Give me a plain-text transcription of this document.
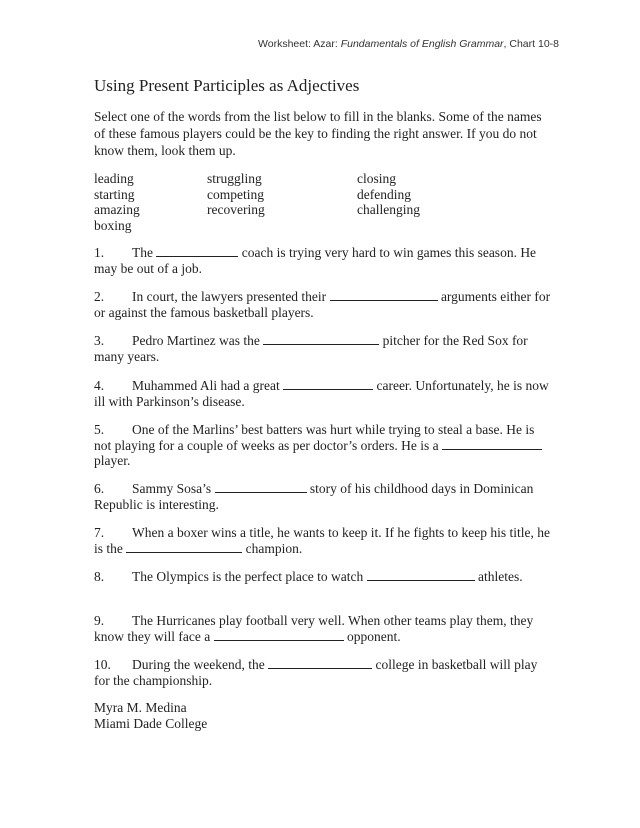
Worksheet: Azar: Fundamentals of English Grammar, Chart 10-8
Using Present Participles as Adjectives
Select one of the words from the list below to fill in the blanks. Some of the names of these famous players could be the key to finding the right answer. If you do not know them, look them up.
leading	struggling	closing
starting	competing	defending
amazing	recovering	challenging
boxing
1. The	coach is trying very hard to win games this season. He may be out of a job.
2. In court, the lawyers presented their	arguments either for or against the famous basketball players.
3. Pedro Martinez was the	pitcher for the Red Sox for many years.
4. Muhammed Ali had a great	career. Unfortunately, he is now ill with Parkinson’s disease.
5. One of the Marlins’ best batters was hurt while trying to steal a base. He is not playing for a couple of weeks as per doctor’s orders. He is a  player.
6. Sammy Sosa’s	story of his childhood days in Dominican Republic is interesting.
7. When a boxer wins a title, he wants to keep it. If he fights to keep his title, he is the	champion.
8. The Olympics is the perfect place to watch	athletes.
9. The Hurricanes play football very well. When other teams play them, they know they will face a	opponent.
10. During the weekend, the	college in basketball will play for the championship.
Myra M. Medina
Miami Dade College
